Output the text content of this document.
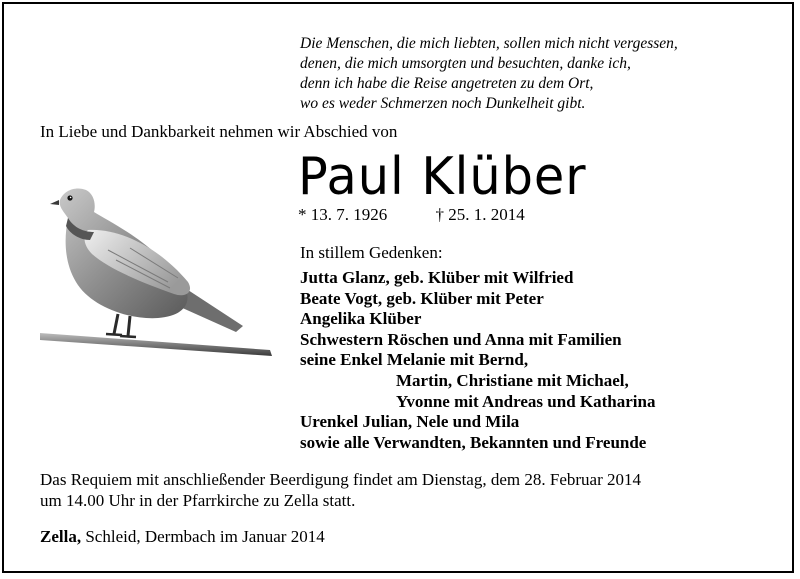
Die Menschen, die mich liebten, sollen mich nicht vergessen,
denen, die mich umsorgten und besuchten, danke ich,
denn ich habe die Reise angetreten zu dem Ort,
wo es weder Schmerzen noch Dunkelheit gibt.
In Liebe und Dankbarkeit nehmen wir Abschied von
Paul Klüber
* 13. 7. 1926	† 25. 1. 2014
In stillem Gedenken:
Jutta Glanz, geb. Klüber mit Wilfried
Beate Vogt, geb. Klüber mit Peter
Angelika Klüber
Schwestern Röschen und Anna mit Familien
seine Enkel Melanie mit Bernd,
Martin, Christiane mit Michael,
Yvonne mit Andreas und Katharina
Urenkel Julian, Nele und Mila
sowie alle Verwandten, Bekannten und Freunde
Das Requiem mit anschließender Beerdigung findet am Dienstag, dem 28. Februar 2014
um 14.00 Uhr in der Pfarrkirche zu Zella statt.
Zella, Schleid, Dermbach im Januar 2014
